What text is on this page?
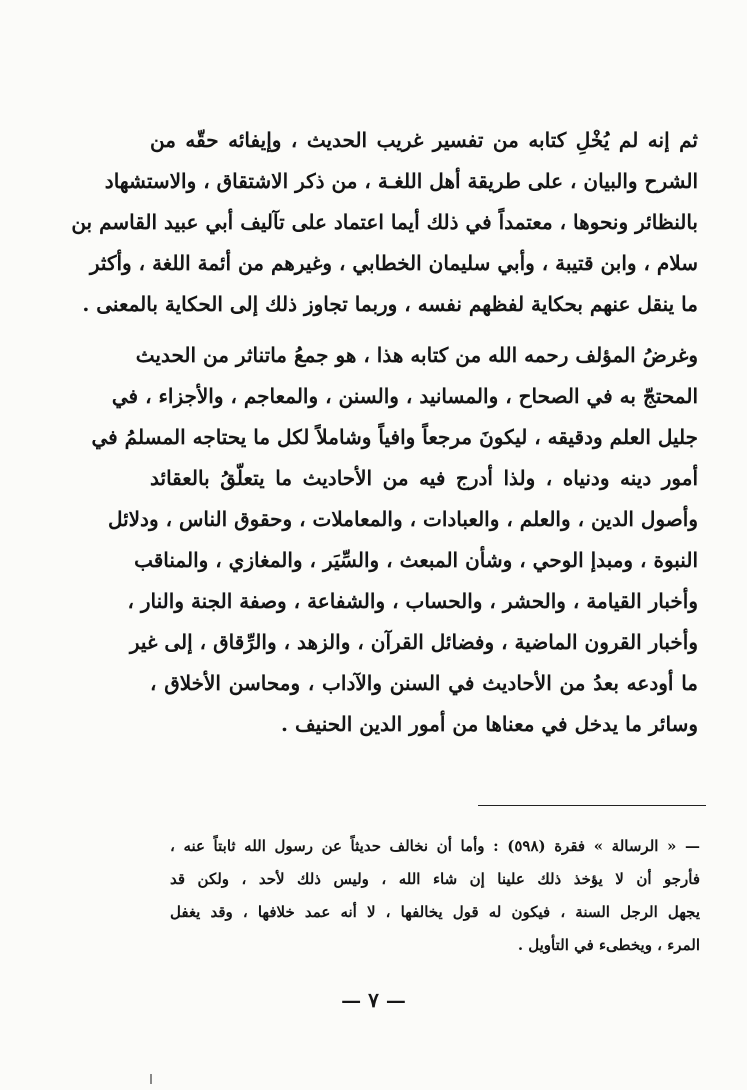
ثم إنه لم يُخْلِ كتابه من تفسير غريب الحديث ، وإيفائه حقّه من
الشرح والبيان ، على طريقة أهل اللغـة ، من ذكر الاشتقاق ، والاستشهاد
بالنظائر ونحوها ، معتمداً في ذلك أيما اعتماد على تآليف أبي عبيد القاسم بن
سلام ، وابن قتيبة ، وأبي سليمان الخطابي ، وغيرهم من أئمة اللغة ، وأكثر
ما ينقل عنهم بحكاية لفظهم نفسه ، وربما تجاوز ذلك إلى الحكاية بالمعنى .
وغرضُ المؤلف رحمه الله من كتابه هذا ، هو جمعُ ماتناثر من الحديث
المحتجّ به في الصحاح ، والمسانيد ، والسنن ، والمعاجم ، والأجزاء ، في
جليل العلم ودقيقه ، ليكونَ مرجعاً وافياً وشاملاً لكل ما يحتاجه المسلمُ في
أمور دينه ودنياه ، ولذا أدرج فيه من الأحاديث ما يتعلّقُ بالعقائد
وأصول الدين ، والعلم ، والعبادات ، والمعاملات ، وحقوق الناس ، ودلائل
النبوة ، ومبدإ الوحي ، وشأن المبعث ، والسِّيَر ، والمغازي ، والمناقب
وأخبار القيامة ، والحشر ، والحساب ، والشفاعة ، وصفة الجنة والنار ،
وأخبار القرون الماضية ، وفضائل القرآن ، والزهد ، والرِّقاق ، إلى غير
ما أودعه بعدُ من الأحاديث في السنن والآداب ، ومحاسن الأخلاق ،
وسائر ما يدخل في معناها من أمور الدين الحنيف .
— « الرسالة » فقرة (٥٩٨) : وأما أن نخالف حديثاً عن رسول الله ثابتاً عنه ،
فأرجو أن لا يؤخذ ذلك علينا إن شاء الله ، وليس ذلك لأحد ، ولكن قد
يجهل الرجل السنة ، فيكون له قول يخالفها ، لا أنه عمد خلافها ، وقد يغفل
المرء ، ويخطىء في التأويل .
— ٧ —
